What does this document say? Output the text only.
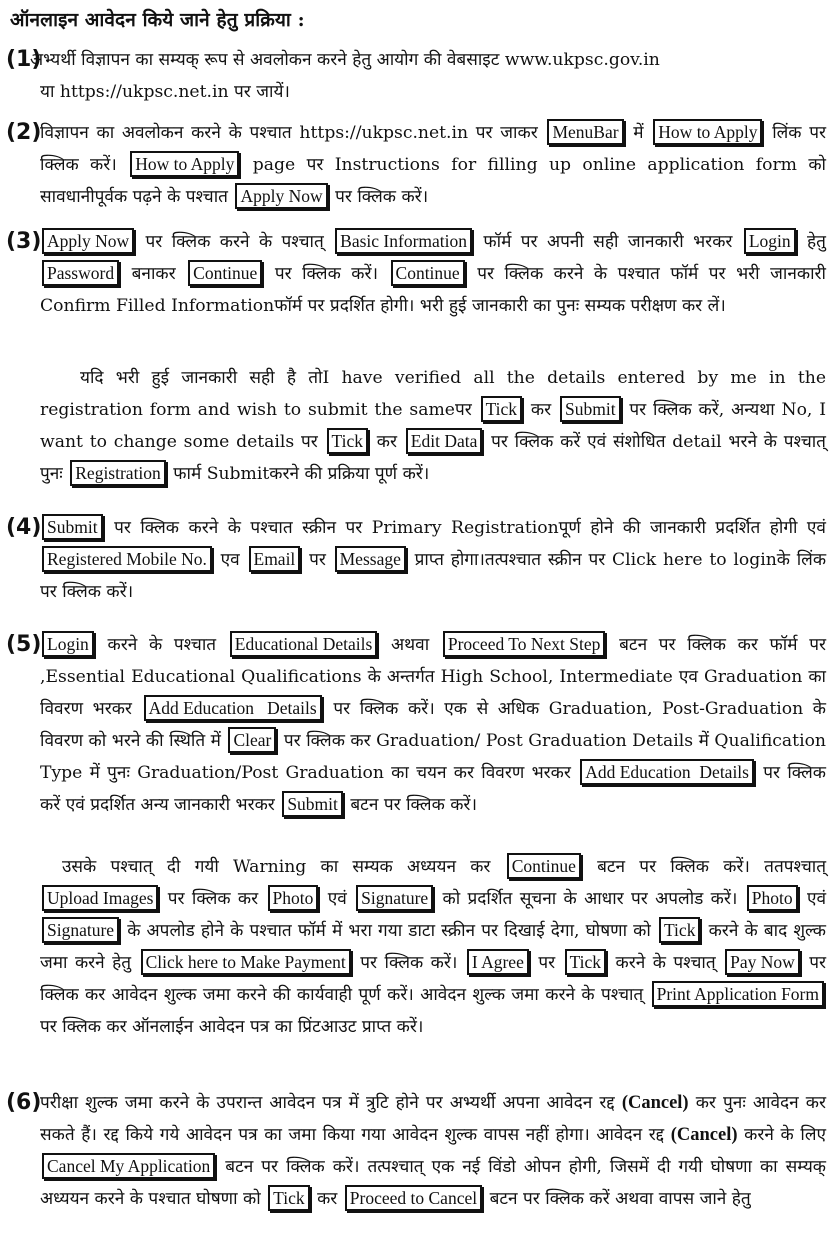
ऑनलाइन आवेदन किये जाने हेतु प्रक्रिया :
(1)
अभ्यर्थी विज्ञापन का सम्यक् रूप से अवलोकन करने हेतु आयोग की वेबसाइट www.ukpsc.gov.in
या https://ukpsc.net.in पर जायें।
(2)
विज्ञापन का अवलोकन करने के पश्चात https://ukpsc.net.in पर जाकर MenuBar में How to Apply लिंक पर क्लिक करें। How to Apply page पर Instructions for filling up online application form को सावधानीपूर्वक पढ़ने के पश्चात Apply Now पर क्लिक करें।
(3) Apply Now पर क्लिक करने के पश्चात् Basic Information फॉर्म पर अपनी सही जानकारी भरकर Login हेतु Password बनाकर Continue पर क्लिक करें। Continue पर क्लिक करने के पश्चात फॉर्म पर भरी जानकारी Confirm Filled Informationफॉर्म पर प्रदर्शित होगी। भरी हुई जानकारी का पुनः सम्यक परीक्षण कर लें।
यदि भरी हुई जानकारी सही है तोI have verified all the details entered by me in the registration form and wish to submit the sameपर Tick कर Submit पर क्लिक करें, अन्यथा No, I want to change some details पर Tick कर Edit Data पर क्लिक करें एवं संशोधित detail भरने के पश्चात् पुनः Registration फार्म Submitकरने की प्रक्रिया पूर्ण करें।
(4) Submit पर क्लिक करने के पश्चात स्क्रीन पर Primary Registrationपूर्ण होने की जानकारी प्रदर्शित होगी एवं Registered Mobile No. एव Email पर Message प्राप्त होगा।तत्पश्चात स्क्रीन पर Click here to loginके लिंक पर क्लिक करें।
(5) Login करने के पश्चात Educational Details अथवा Proceed To Next Step बटन पर क्लिक कर फॉर्म पर ,Essential Educational Qualifications के अन्तर्गत High School, Intermediate एव Graduation का विवरण भरकर Add Education   Details पर क्लिक करें। एक से अधिक Graduation, Post-Graduation के विवरण को भरने की स्थिति में Clear पर क्लिक कर Graduation/ Post Graduation Details में Qualification Type में पुनः Graduation/Post Graduation का चयन कर विवरण भरकर Add Education  Details पर क्लिक करें एवं प्रदर्शित अन्य जानकारी भरकर Submit बटन पर क्लिक करें।
उसके पश्चात् दी गयी Warning का सम्यक अध्ययन कर Continue बटन पर क्लिक करें। ततपश्चात् Upload Images पर क्लिक कर Photo एवं Signature को प्रदर्शित सूचना के आधार पर अपलोड करें। Photo एवं Signature के अपलोड होने के पश्चात फॉर्म में भरा गया डाटा स्क्रीन पर दिखाई देगा, घोषणा को Tick करने के बाद शुल्क जमा करने हेतु Click here to Make Payment पर क्लिक करें। I Agree पर Tick करने के पश्चात् Pay Now पर क्लिक कर आवेदन शुल्क जमा करने की कार्यवाही पूर्ण करें। आवेदन शुल्क जमा करने के पश्चात् Print Application Form पर क्लिक कर ऑनलाईन आवेदन पत्र का प्रिंटआउट प्राप्त करें।
(6)
परीक्षा शुल्क जमा करने के उपरान्त आवेदन पत्र में त्रुटि होने पर अभ्यर्थी अपना आवेदन रद्द (Cancel) कर पुनः आवेदन कर सकते हैं। रद्द किये गये आवेदन पत्र का जमा किया गया आवेदन शुल्क वापस नहीं होगा। आवेदन रद्द (Cancel) करने के लिए Cancel My Application बटन पर क्लिक करें। तत्पश्चात् एक नई विंडो ओपन होगी, जिसमें दी गयी घोषणा का सम्यक् अध्ययन करने के पश्चात घोषणा को Tick कर Proceed to Cancel बटन पर क्लिक करें अथवा वापस जाने हेतु
